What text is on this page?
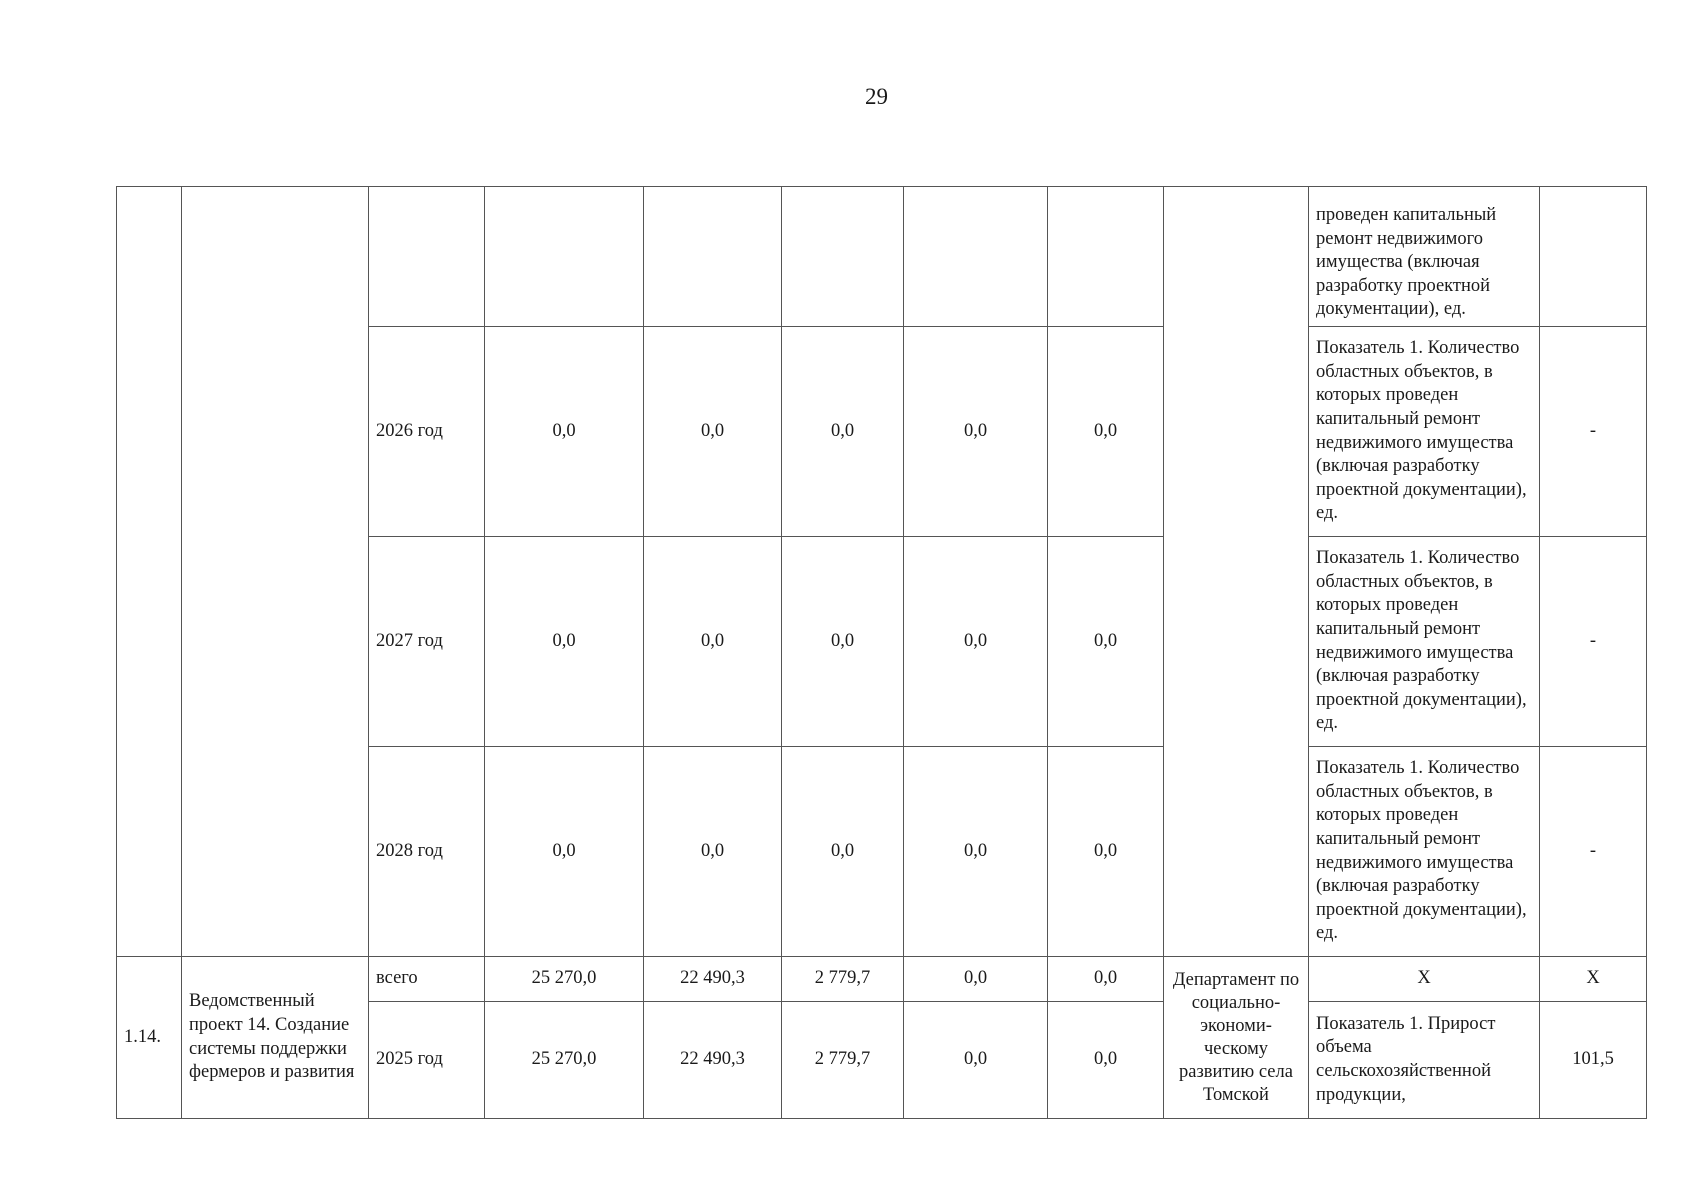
29
									проведен капитальный ремонт недвижимого имущества (включая разработку проектной документации), ед.	
		2026 год	0,0	0,0	0,0	0,0	0,0		Показатель 1. Количество областных объектов, в которых проведен капитальный ремонт недвижимого имущества (включая разработку проектной документации), ед.	-
		2027 год	0,0	0,0	0,0	0,0	0,0		Показатель 1. Количество областных объектов, в которых проведен капитальный ремонт недвижимого имущества (включая разработку проектной документации), ед.	-
		2028 год	0,0	0,0	0,0	0,0	0,0		Показатель 1. Количество областных объектов, в которых проведен капитальный ремонт недвижимого имущества (включая разработку проектной документации), ед.	-
1.14.	Ведомственный проект 14. Создание системы поддержки фермеров и развития	всего	25 270,0	22 490,3	2 779,7	0,0	0,0	Департамент по социально-экономи-ческому развитию села Томской	X	X
		2025 год	25 270,0	22 490,3	2 779,7	0,0	0,0		Показатель 1. Прирост объема сельскохозяйственной продукции,	101,5
